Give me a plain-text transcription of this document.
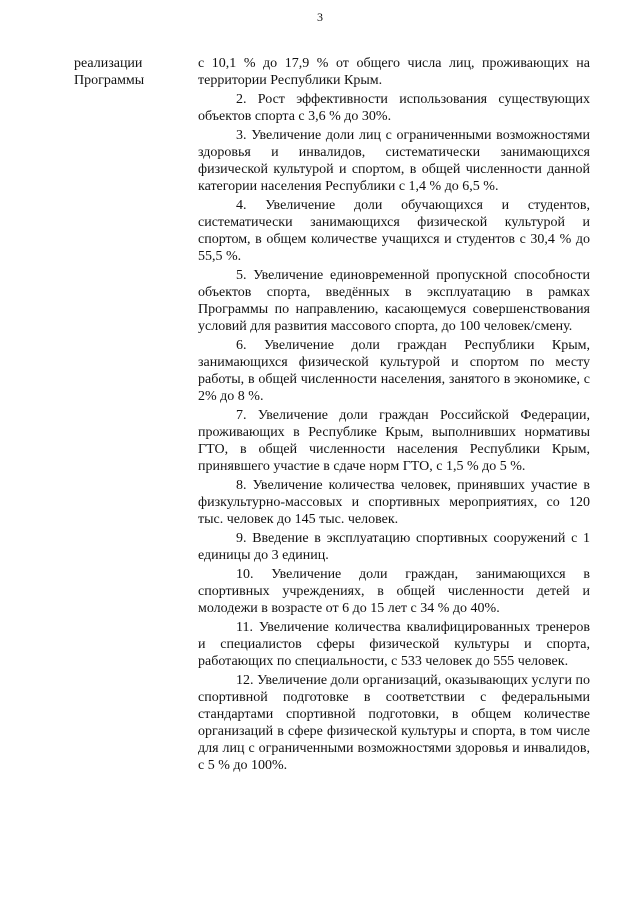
3
реализации
Программы

с 10,1 % до 17,9 % от общего числа лиц, проживающих на территории Республики Крым.

2. Рост эффективности использования существующих объектов спорта с 3,6 % до 30%.

3. Увеличение доли лиц с ограниченными возможностями здоровья и инвалидов, систематически занимающихся физической культурой и спортом, в общей численности данной категории населения Республики с 1,4 % до 6,5 %.

4. Увеличение доли обучающихся и студентов, систематически занимающихся физической культурой и спортом, в общем количестве учащихся и студентов с 30,4 % до 55,5 %.

5. Увеличение единовременной пропускной способности объектов спорта, введённых в эксплуатацию в рамках Программы по направлению, касающемуся совершенствования условий для развития массового спорта, до 100 человек/смену.

6. Увеличение доли граждан Республики Крым, занимающихся физической культурой и спортом по месту работы, в общей численности населения, занятого в экономике, с 2% до 8 %.

7. Увеличение доли граждан Российской Федерации, проживающих в Республике Крым, выполнивших нормативы ГТО, в общей численности населения Республики Крым, принявшего участие в сдаче норм ГТО, с 1,5 % до 5 %.

8. Увеличение количества человек, принявших участие в физкультурно-массовых и спортивных мероприятиях, со 120 тыс. человек до 145 тыс. человек.

9. Введение в эксплуатацию спортивных сооружений с 1 единицы до 3 единиц.

10. Увеличение доли граждан, занимающихся в спортивных учреждениях, в общей численности детей и молодежи в возрасте от 6 до 15 лет с 34 % до 40%.

11. Увеличение количества квалифицированных тренеров и специалистов сферы физической культуры и спорта, работающих по специальности, с 533 человек до 555 человек.

12. Увеличение доли организаций, оказывающих услуги по спортивной подготовке в соответствии с федеральными стандартами спортивной подготовки, в общем количестве организаций в сфере физической культуры и спорта, в том числе для лиц с ограниченными возможностями здоровья и инвалидов, с 5 % до 100%.
